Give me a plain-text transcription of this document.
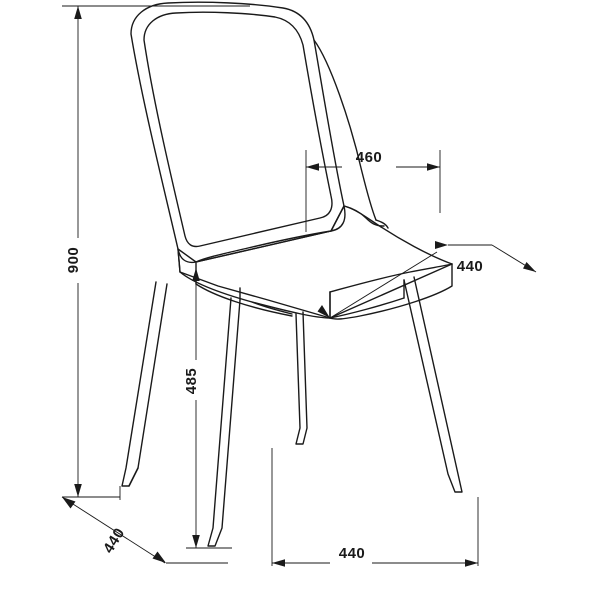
900
485
460
440
440	440
